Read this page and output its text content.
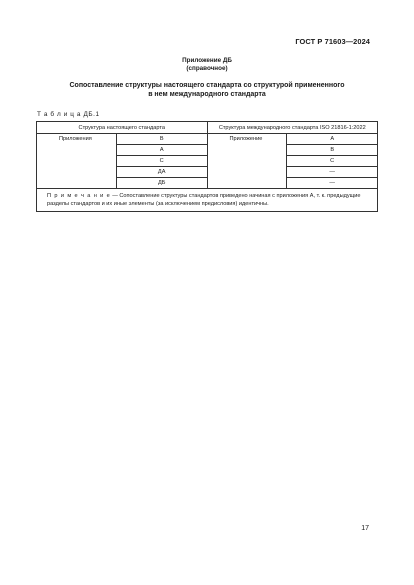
ГОСТ Р 71603—2024
Приложение ДБ
(справочное)
Сопоставление структуры настоящего стандарта со структурой примененного
в нем международного стандарта
Т а б л и ц а ДБ.1
Структура настоящего стандарта		Структура международного стандарта ISO 21816-1:2022	
Приложения	B	Приложение	A
	A		B
	C		C
	ДА		—
	ДБ		—
П р и м е ч а н и е — Сопоставление структуры стандартов приведено начиная с приложения А, т. к. предыдущие разделы стандартов и их иные элементы (за исключением предисловия) идентичны.			
17
